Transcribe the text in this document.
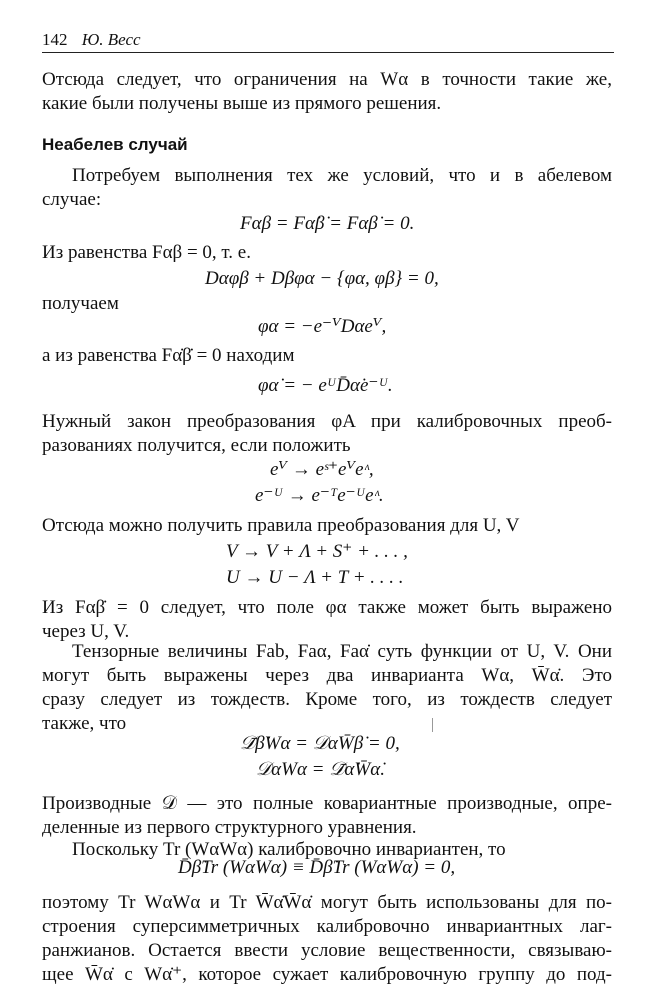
142 Ю. Весс
Отсюда следует, что ограничения на Wα в точности такие же,
какие были получены выше из прямого решения.
Неабелев случай
Потребуем выполнения тех же условий, что и в абелевом
случае:
Fαβ = Fα̇β̇ = Fαβ̇ = 0.
Из равенства Fαβ = 0, т. е.
Dαφβ + Dβφα − {φα, φβ} = 0,
получаем
φα = −e⁻ⱽDαeⱽ,
а из равенства Fα̇β̇ = 0 находим
φα̇ = − eᵁD̄α̇e⁻ᵁ.
Нужный закон преобразования φA при калибровочных преоб-
разованиях получится, если положить
eⱽ → eˢ⁺eⱽeᶺ,
e⁻ᵁ → e⁻ᵀe⁻ᵁeᶺ.
Отсюда можно получить правила преобразования для U, V
V → V + Λ + S⁺ + . . . ,
U → U − Λ + T + . . . .
Из Fαβ̇ = 0 следует, что поле φα также может быть выражено
через U, V.
Тензорные величины Fab, Faα, Faα̇ суть функции от U, V. Они
могут быть выражены через два инварианта Wα, W̄α̇. Это
сразу следует из тождеств. Кроме того, из тождеств следует
также, что
𝒟̄β̇Wα = 𝒟αW̄β̇ = 0,
𝒟αWα = 𝒟̄α̇W̄α̇.
Производные 𝒟 — это полные ковариантные производные, опре-
деленные из первого структурного уравнения.
Поскольку Tr (WαWα) калибровочно инвариантен, то
D̄β̇Tr (WαWα) ≡ D̄β̇Tr (WαWα) = 0,
поэтому Tr WαWα и Tr W̄α̇W̄α̇ могут быть использованы для по-
строения суперсимметричных калибровочно инвариантных лаг-
ранжианов. Остается ввести условие вещественности, связываю-
щее W̄α̇ с Wα̇⁺, которое сужает калибровочную группу до под-
